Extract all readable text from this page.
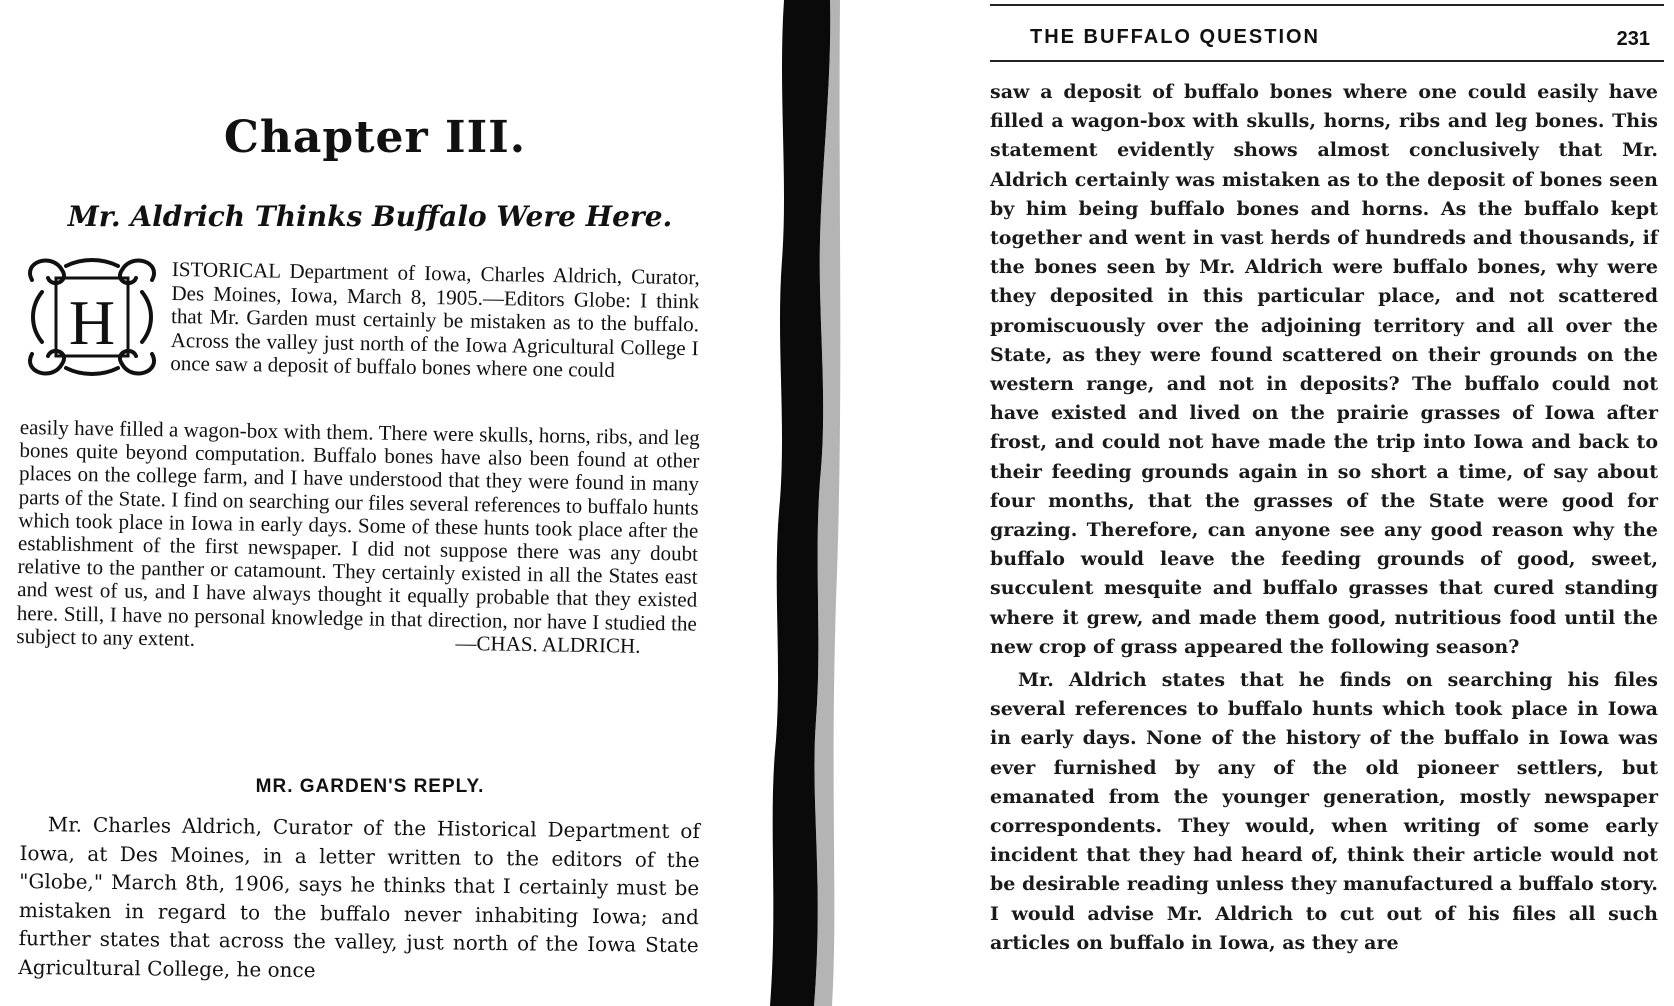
Chapter III.
Mr. Aldrich Thinks Buffalo Were Here.
H
ISTORICAL Department of Iowa, Charles Aldrich, Curator, Des Moines, Iowa, March 8, 1905.—Editors Globe: I think that Mr. Garden must certainly be mistaken as to the buffalo. Across the valley just north of the Iowa Agricultural College I once saw a deposit of buffalo bones where one could
easily have filled a wagon-box with them. There were skulls, horns, ribs, and leg bones quite beyond computation. Buffalo bones have also been found at other places on the college farm, and I have understood that they were found in many parts of the State. I find on searching our files several references to buffalo hunts which took place in Iowa in early days. Some of these hunts took place after the establishment of the first newspaper. I did not suppose there was any doubt relative to the panther or catamount. They certainly existed in all the States east and west of us, and I have always thought it equally probable that they existed here. Still, I have no personal knowledge in that direction, nor have I studied the subject to any extent.	—CHAS. ALDRICH.
MR. GARDEN'S REPLY.
Mr. Charles Aldrich, Curator of the Historical Department of Iowa, at Des Moines, in a letter written to the editors of the "Globe," March 8th, 1906, says he thinks that I certainly must be mistaken in regard to the buffalo never inhabiting Iowa; and further states that across the valley, just north of the Iowa State Agricultural College, he once
THE BUFFALO QUESTION	231

saw a deposit of buffalo bones where one could easily have filled a wagon-box with skulls, horns, ribs and leg bones. This statement evidently shows almost conclusively that Mr. Aldrich certainly was mistaken as to the deposit of bones seen by him being buffalo bones and horns. As the buffalo kept together and went in vast herds of hundreds and thousands, if the bones seen by Mr. Aldrich were buffalo bones, why were they deposited in this particular place, and not scattered promiscuously over the adjoining territory and all over the State, as they were found scattered on their grounds on the western range, and not in deposits? The buffalo could not have existed and lived on the prairie grasses of Iowa after frost, and could not have made the trip into Iowa and back to their feeding grounds again in so short a time, of say about four months, that the grasses of the State were good for grazing. Therefore, can anyone see any good reason why the buffalo would leave the feeding grounds of good, sweet, succulent mesquite and buffalo grasses that cured standing where it grew, and made them good, nutritious food until the new crop of grass appeared the following season?

Mr. Aldrich states that he finds on searching his files several references to buffalo hunts which took place in Iowa in early days. None of the history of the buffalo in Iowa was ever furnished by any of the old pioneer settlers, but emanated from the younger generation, mostly newspaper correspondents. They would, when writing of some early incident that they had heard of, think their article would not be desirable reading unless they manufactured a buffalo story. I would advise Mr. Aldrich to cut out of his files all such articles on buffalo in Iowa, as they are
